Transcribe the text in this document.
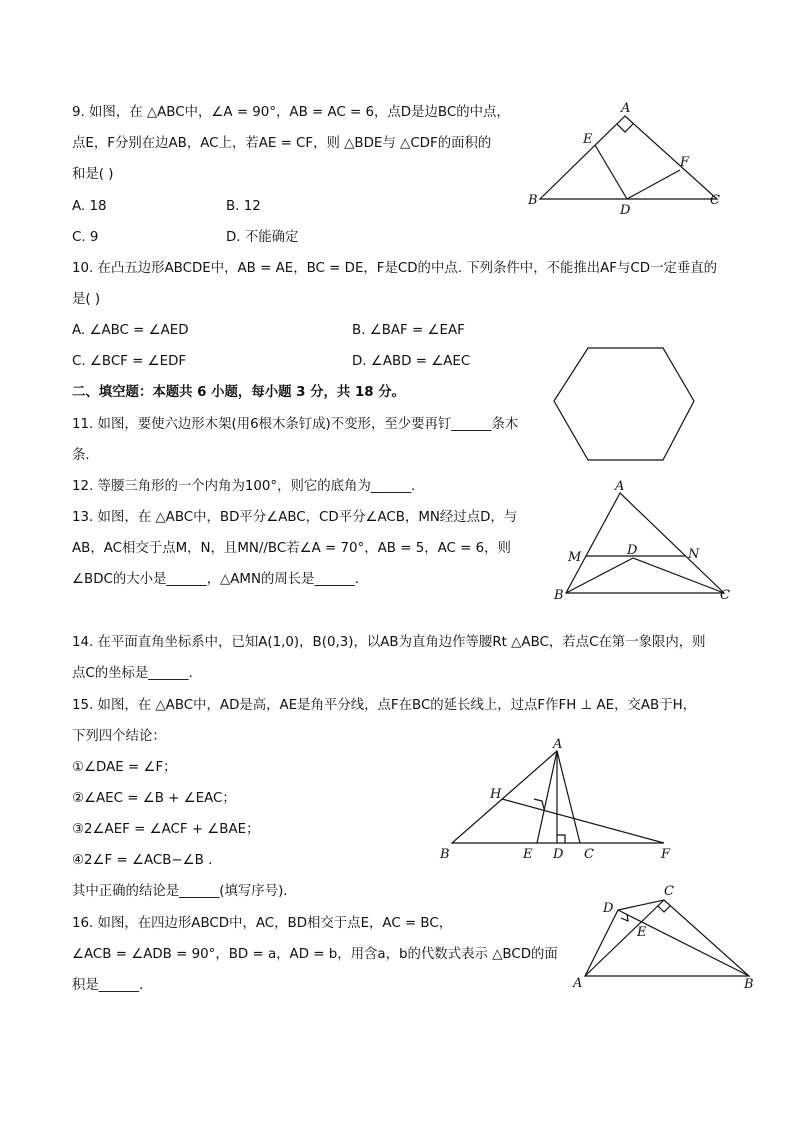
9. 如图，在 △ABC中，∠A = 90°，AB = AC = 6，点D是边BC的中点，
点E，F分别在边AB，AC上，若AE = CF，则 △BDE与 △CDF的面积的
和是( )
A. 18	B. 12
C. 9	D. 不能确定
A
B	C
D
E
F
10. 在凸五边形ABCDE中，AB = AE，BC = DE，F是CD的中点. 下列条件中，不能推出AF与CD一定垂直的
是( )
A. ∠ABC = ∠AED	B. ∠BAF = ∠EAF
C. ∠BCF = ∠EDF	D. ∠ABD = ∠AEC
二、填空题：本题共 6 小题，每小题 3 分，共 18 分。
11. 如图，要使六边形木架(用6根木条钉成)不变形，至少要再钉______条木
条.
12. 等腰三角形的一个内角为100°，则它的底角为______.
13. 如图，在 △ABC中，BD平分∠ABC，CD平分∠ACB，MN经过点D，与
AB，AC相交于点M，N，且MN//BC若∠A = 70°，AB = 5，AC = 6，则
∠BDC的大小是______，△AMN的周长是______.
A
B	C
D
M	N
14. 在平面直角坐标系中，已知A(1,0)，B(0,3)，以AB为直角边作等腰Rt △ABC，若点C在第一象限内，则
点C的坐标是______.
15. 如图，在 △ABC中，AD是高，AE是角平分线，点F在BC的延长线上，过点F作FH ⊥ AE，交AB于H，
下列四个结论：
①∠DAE = ∠F；
②∠AEC = ∠B + ∠EAC；
③2∠AEF = ∠ACF + ∠BAE；
④2∠F = ∠ACB−∠B .
其中正确的结论是______(填写序号).
A
B	C
D
E	F
H
16. 如图，在四边形ABCD中，AC，BD相交于点E，AC = BC，
∠ACB = ∠ADB = 90°，BD = a，AD = b，用含a，b的代数式表示 △BCD的面
积是______.	A	B
C
D
E
